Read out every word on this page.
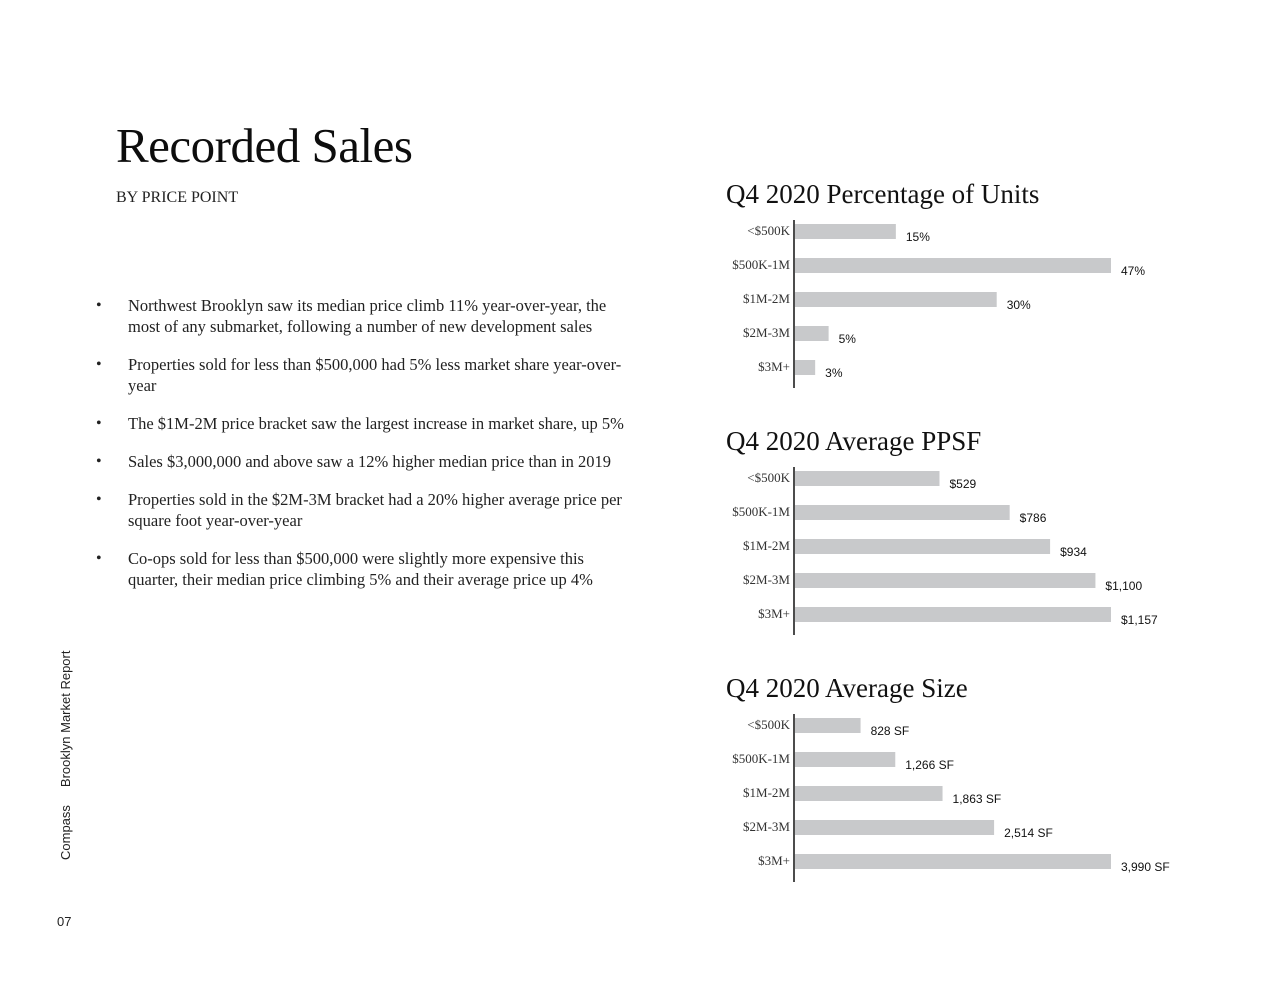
Recorded Sales
BY PRICE POINT
• Northwest Brooklyn saw its median price climb 11% year-over-year, the most of any submarket, following a number of new development sales
• Properties sold for less than $500,000 had 5% less market share year-over-year
• The $1M-2M price bracket saw the largest increase in market share, up 5%
• Sales $3,000,000 and above saw a 12% higher median price than in 2019
• Properties sold in the $2M-3M bracket had a 20% higher average price per square foot year-over-year
• Co-ops sold for less than $500,000 were slightly more expensive this quarter, their median price climbing 5% and their average price up 4%
CompassBrooklyn Market Report
07
Q4 2020 Percentage of Units
<$500K	15%
$500K-1M	47%
$1M-2M	30%
$2M-3M	5%
$3M+	3%
Q4 2020 Average PPSF
<$500K	$529
$500K-1M	$786
$1M-2M	$934
$2M-3M	$1,100
$3M+	$1,157
Q4 2020 Average Size
<$500K	828 SF
$500K-1M	1,266 SF
$1M-2M	1,863 SF
$2M-3M	2,514 SF
$3M+	3,990 SF
